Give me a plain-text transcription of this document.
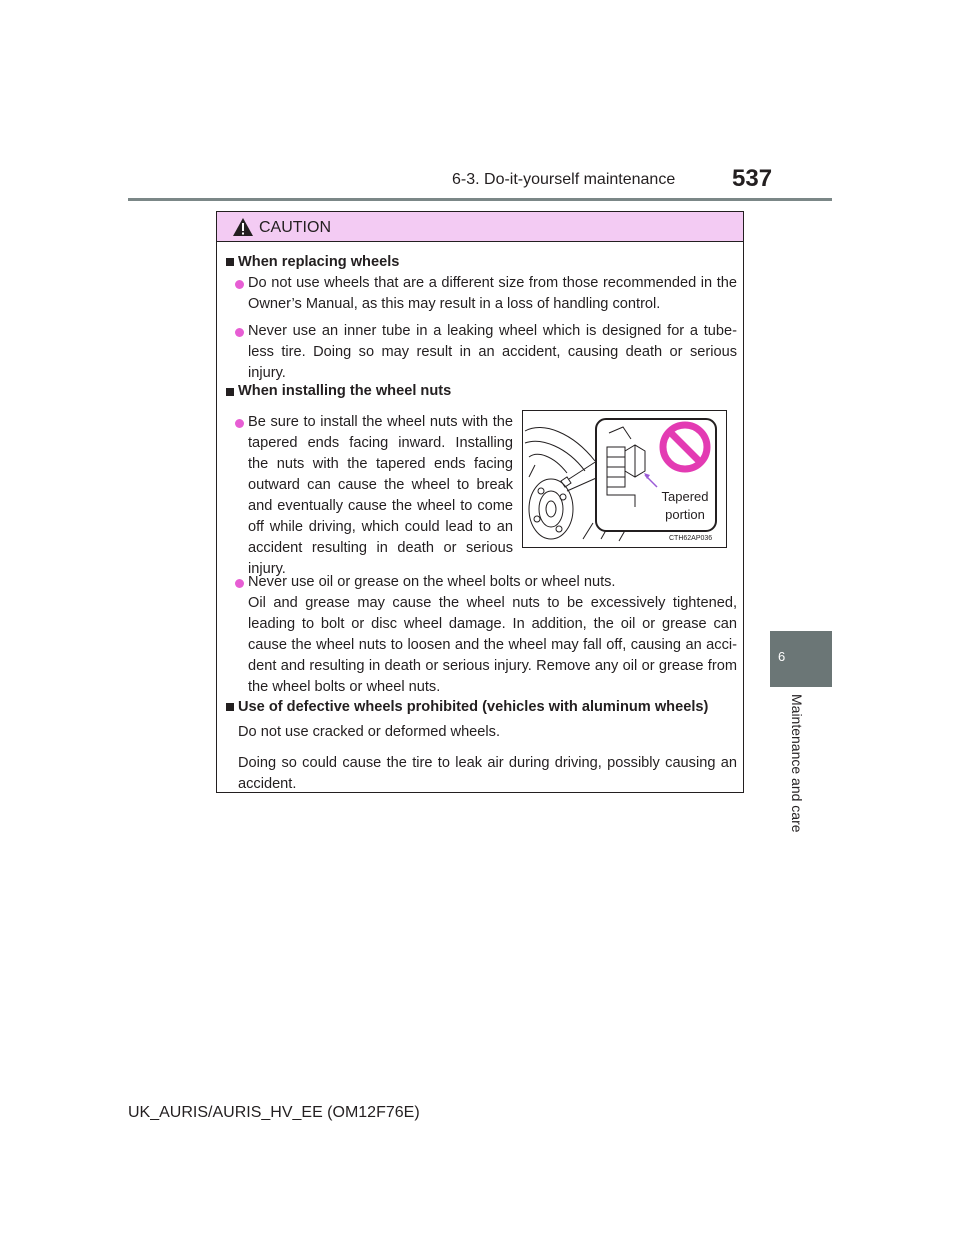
6-3. Do-it-yourself maintenance 537
6
Maintenance and care
CAUTION
When replacing wheels
Do not use wheels that are a different size from those recommended in the Owner’s Manual, as this may result in a loss of handling control.
Never use an inner tube in a leaking wheel which is designed for a tube-less tire. Doing so may result in an accident, causing death or serious injury.
When installing the wheel nuts
Be sure to install the wheel nuts with the tapered ends facing inward. Installing the nuts with the tapered ends facing outward can cause the wheel to break and eventually cause the wheel to come off while driving, which could lead to an accident resulting in death or serious injury.
Tapered
portion
CTH62AP036
Never use oil or grease on the wheel bolts or wheel nuts.
Oil and grease may cause the wheel nuts to be excessively tightened, leading to bolt or disc wheel damage. In addition, the oil or grease can cause the wheel nuts to loosen and the wheel may fall off, causing an acci-dent and resulting in death or serious injury. Remove any oil or grease from the wheel bolts or wheel nuts.
Use of defective wheels prohibited (vehicles with aluminum wheels)
Do not use cracked or deformed wheels.
Doing so could cause the tire to leak air during driving, possibly causing an accident.
UK_AURIS/AURIS_HV_EE (OM12F76E)
